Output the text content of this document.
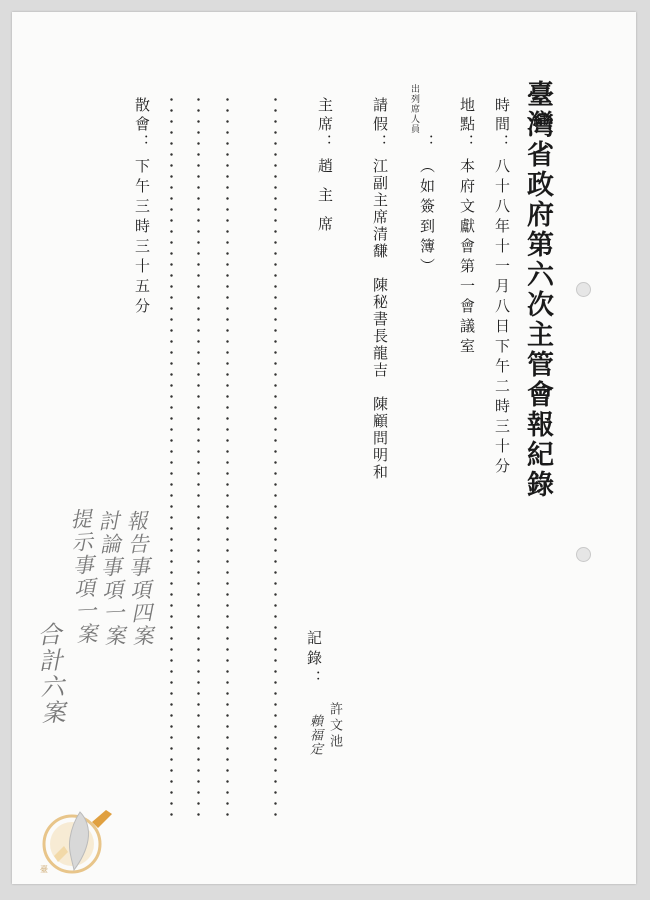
臺灣省政府第六次主管會報紀錄
時間
：
八十八年十一月八日下午二時三十分
地點
：
本府文獻會第一會議室
出列席人員
：
（如簽到簿）
請假
：
江副主席清馦　陳秘書長龍吉　陳顧問明和
主席
：
趙主席
散會
：
下午三時三十五分
記錄：
許文池
賴福定
報告事項四案
討論事項一案
提示事項一案
合計六案
臺
